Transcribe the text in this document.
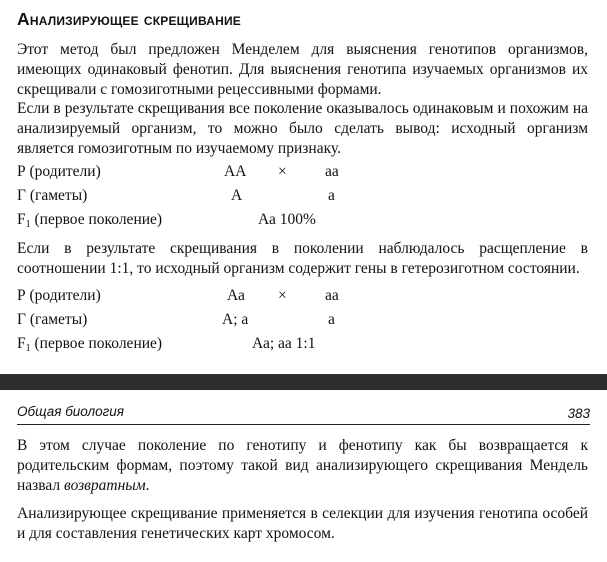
Анализирующее скрещивание

Этот метод был предложен Менделем для выяснения генотипов организмов, имеющих одинаковый фенотип. Для выяснения генотипа изучаемых организмов их скрещивали с гомозиготными рецессивными формами.

Если в результате скрещивания все поколение оказывалось одинаковым и похожим на анализируемый организм, то можно было сделать вывод: исходный организм является гомозиготным по изучаемому признаку.

Р (родители)	АА × аа
Г (гаметы)	А	а
$F_1$ (первое поколение)	Аа 100%

Если в результате скрещивания в поколении наблюдалось расщепление в соотношении 1:1, то исходный организм содержит гены в гетерозиготном состоянии.

Р (родители)	Аа × аа
Г (гаметы)	А; а	а
$F_1$ (первое поколение)	Аа; аа 1:1
Общая биология	383

В этом случае поколение по генотипу и фенотипу как бы возвращается к родительским формам, поэтому такой вид анализирующего скрещивания Мендель назвал возвратным.

Анализирующее скрещивание применяется в селекции для изучения генотипа особей и для составления генетических карт хромосом.
